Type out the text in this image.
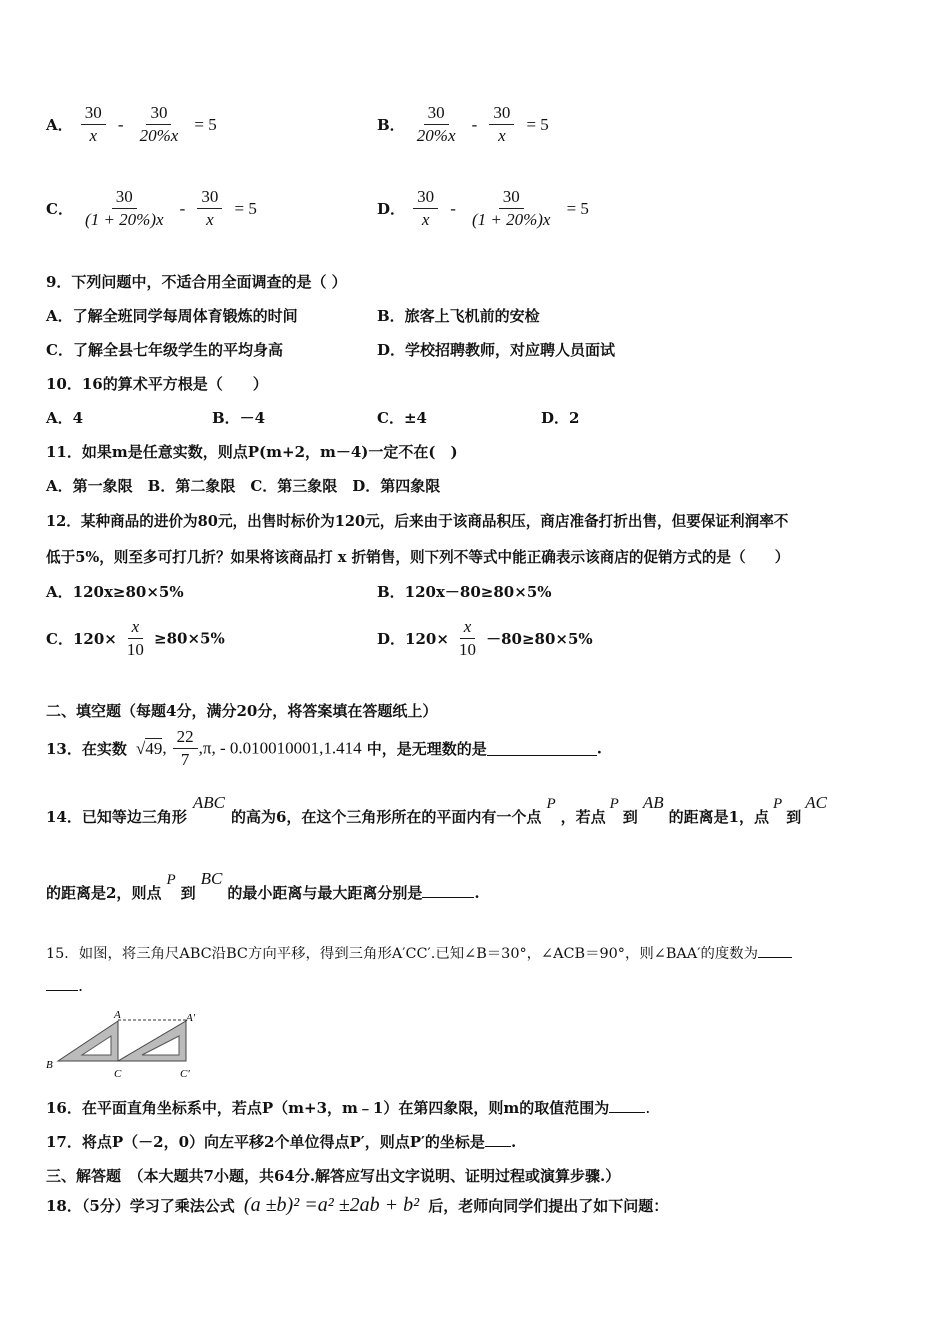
A． $\frac{30}{x} - \frac{30}{20\%x} = 5$	B． $\frac{30}{20\%x} - \frac{30}{x} = 5$
C． $\frac{30}{(1 + 20\%)x} - \frac{30}{x} = 5$	D． $\frac{30}{x} - \frac{30}{(1 + 20\%)x} = 5$
9．下列问题中，不适合用全面调查的是（ ）
A．了解全班同学每周体育锻炼的时间	B．旅客上飞机前的安检
C．了解全县七年级学生的平均身高	D．学校招聘教师，对应聘人员面试
10．16的算术平方根是（　　）
A．4	B．－4	C．±4	D．2
11．如果m是任意实数，则点P(m+2，m－4)一定不在(　)
A．第一象限　B．第二象限　C．第三象限　D．第四象限
12．某种商品的进价为80元，出售时标价为120元，后来由于该商品积压，商店准备打折出售，但要保证利润率不
低于5%，则至多可打几折？如果将该商品打 x 折销售，则下列不等式中能正确表示该商店的促销方式的是（　　）
A．120x≥80×5%	B．120x－80≥80×5%
C．$120\times \frac{x}{10} \ge 80\times 5\%$	D．$120\times \frac{x}{10} -80\ge 80\times 5\%$
二、填空题（每题4分，满分20分，将答案填在答题纸上）
13．在实数 √49, $\frac{22}{7} ,\pi$, - 0.010010001,1.414 中，是无理数的是	.
14．已知等边三角形ABC的高为6，在这个三角形所在的平面内有一个点P，若点P到AB的距离是1，点P到AC
的距离是2，则点P到BC的最小距离与最大距离分别是	.
15．如图，将三角尺ABC沿BC方向平移，得到三角形A′CC′.已知∠B＝30°，∠ACB＝90°，则∠BAA′的度数为
.
A	A′
B
C	C′
16．在平面直角坐标系中，若点P（m+3，m﹣1）在第四象限，则m的取值范围为 .
17．将点P（－2，0）向左平移2个单位得点P′，则点P′的坐标是 .
三、解答题　（本大题共7小题，共64分.解答应写出文字说明、证明过程或演算步骤.）
18．（5分）学习了乘法公式 (a ±b)² =a² ±2ab + b² 后，老师向同学们提出了如下问题：
